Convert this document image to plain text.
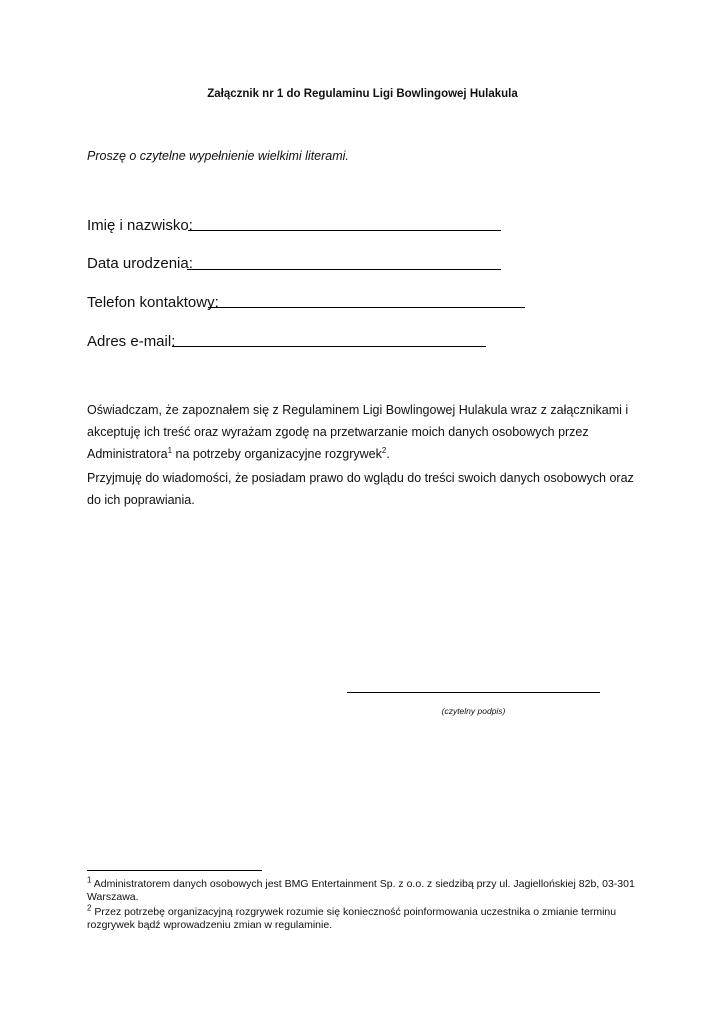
Załącznik nr 1 do Regulaminu Ligi Bowlingowej Hulakula
Proszę o czytelne wypełnienie wielkimi literami.
Imię i nazwisko:
Data urodzenia:
Telefon kontaktowy:
Adres e-mail:
Oświadczam, że zapoznałem się z Regulaminem Ligi Bowlingowej Hulakula wraz z załącznikami i akceptuję ich treść oraz wyrażam zgodę na przetwarzanie moich danych osobowych przez Administratora$^1$ na potrzeby organizacyjne rozgrywek$^2$.
Przyjmuję do wiadomości, że posiadam prawo do wglądu do treści swoich danych osobowych oraz do ich poprawiania.
(czytelny podpis)
$^1$ Administratorem danych osobowych jest BMG Entertainment Sp. z o.o. z siedzibą przy ul. Jagiellońskiej 82b, 03-301 Warszawa.
$^2$ Przez potrzebę organizacyjną rozgrywek rozumie się konieczność poinformowania uczestnika o zmianie terminu rozgrywek bądź wprowadzeniu zmian w regulaminie.
